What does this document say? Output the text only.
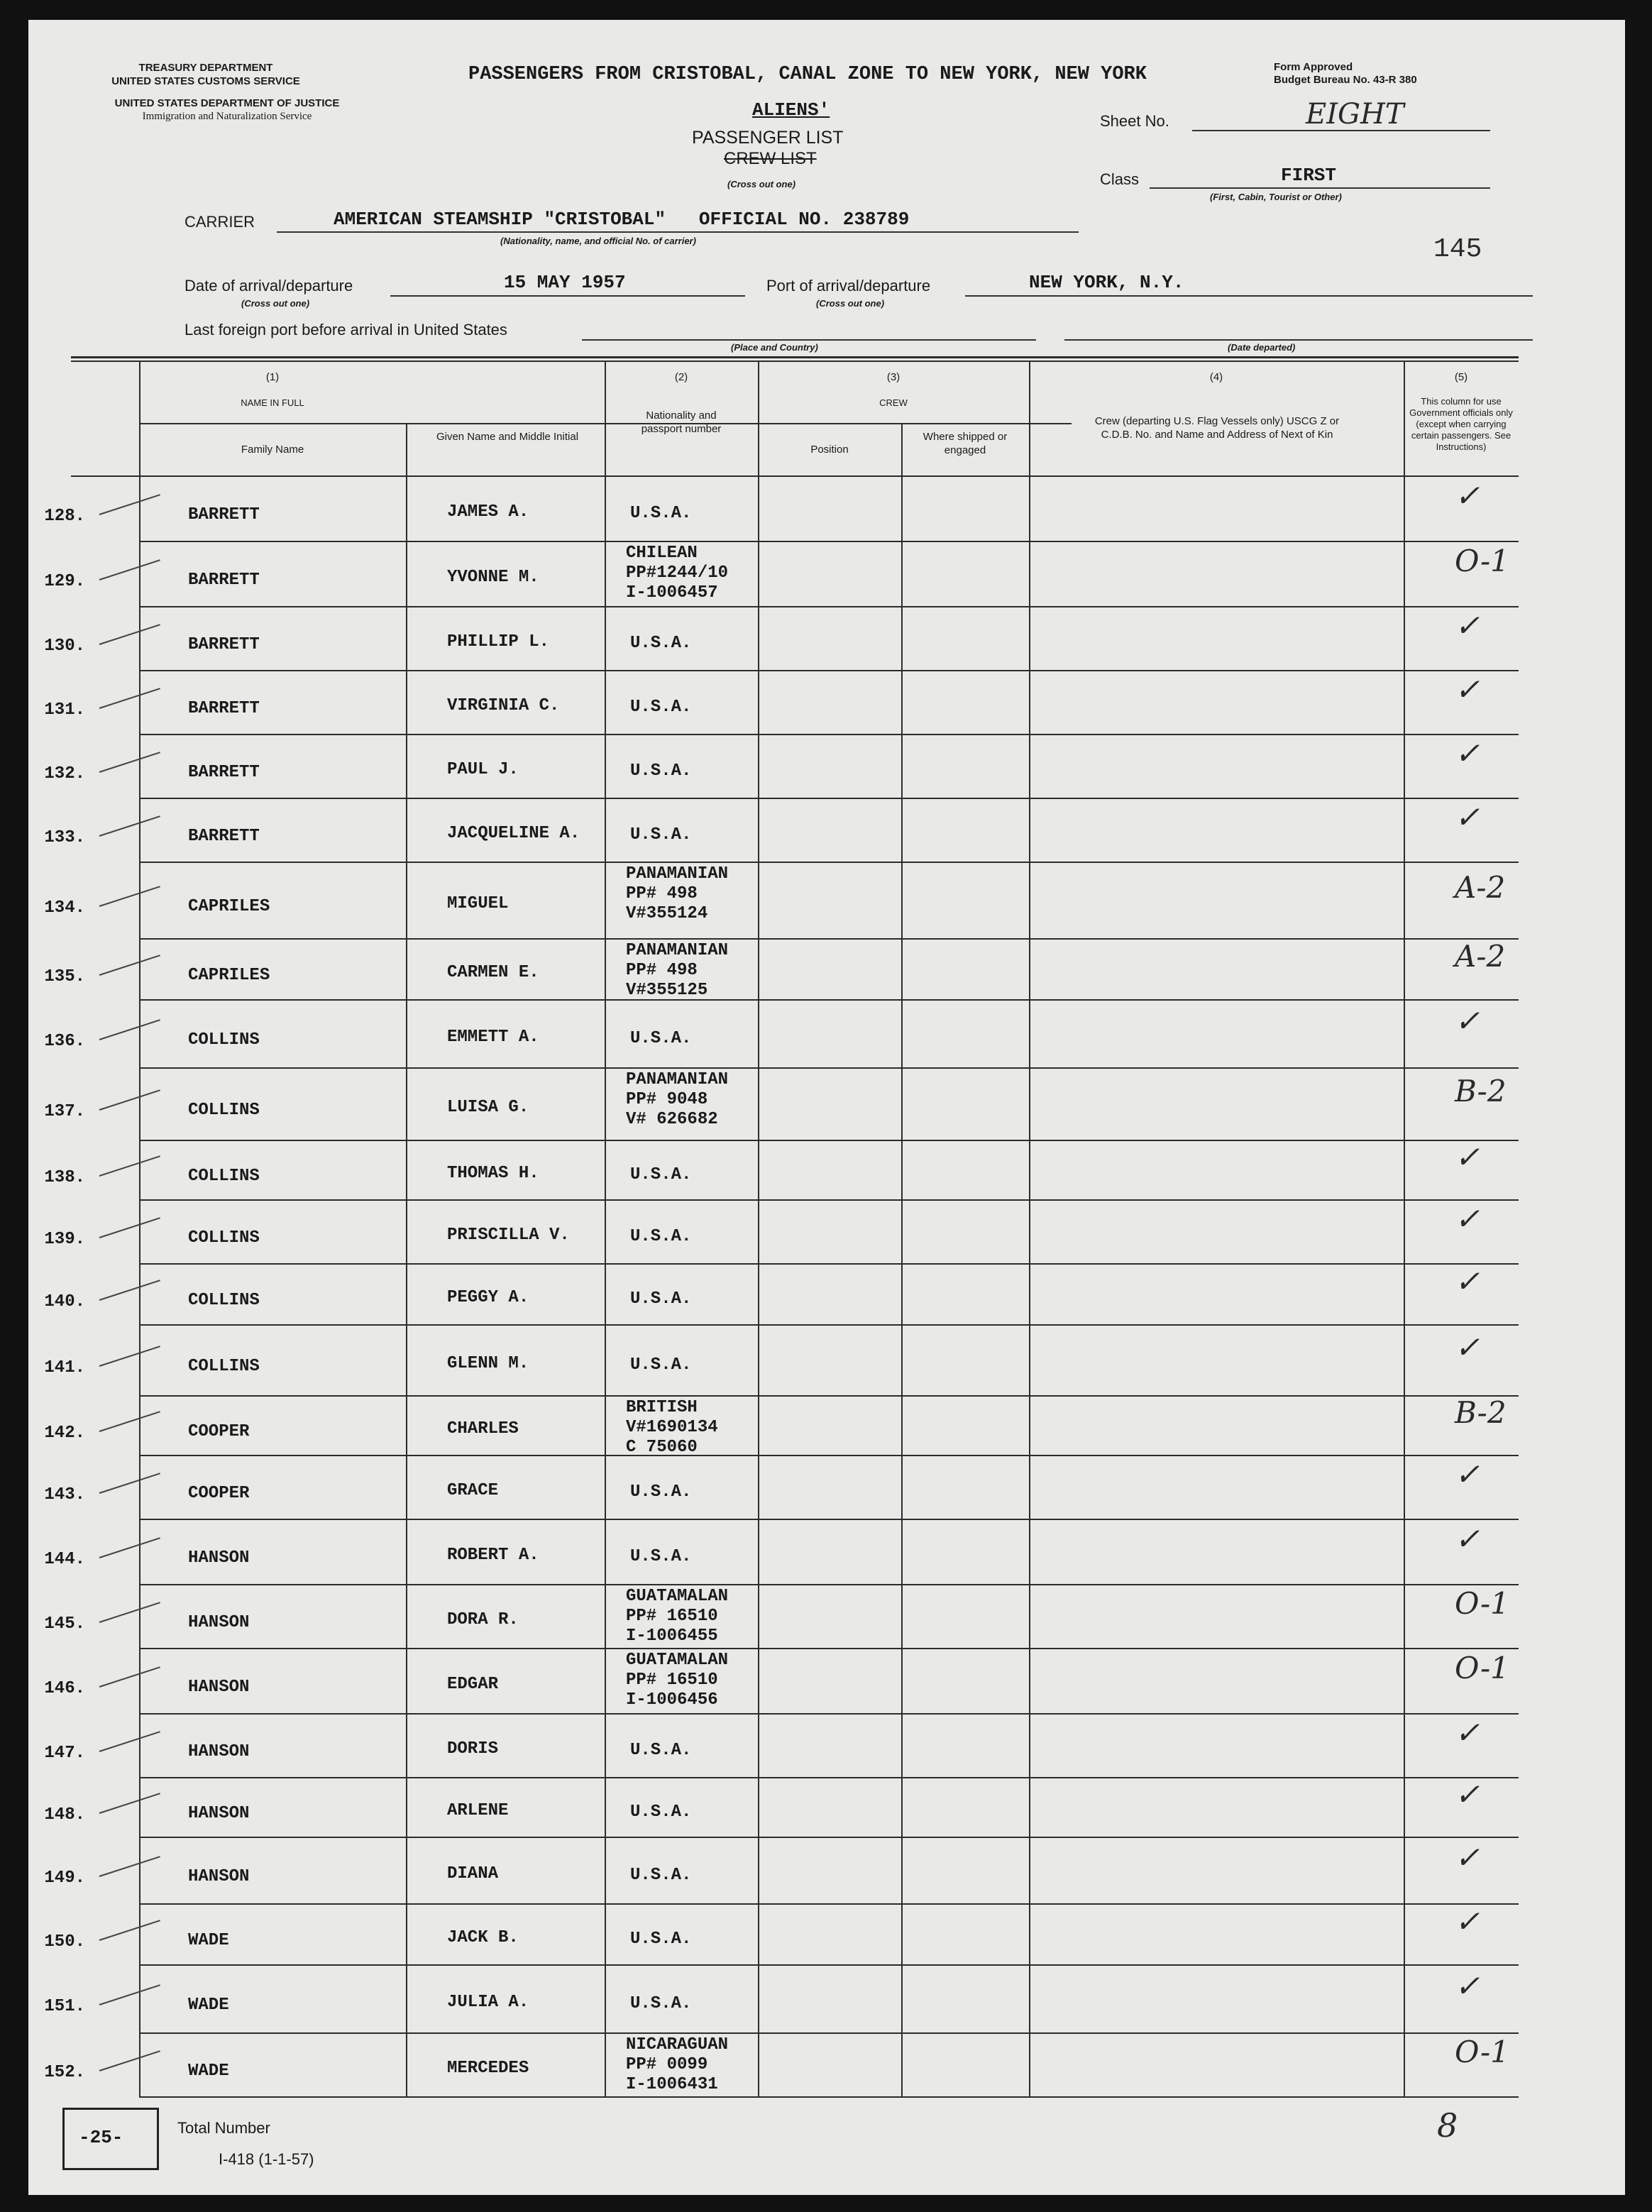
TREASURY DEPARTMENT
UNITED STATES CUSTOMS SERVICE
UNITED STATES DEPARTMENT OF JUSTICE
Immigration and Naturalization Service
PASSENGERS FROM CRISTOBAL, CANAL ZONE TO NEW YORK, NEW YORK
ALIENS'
PASSENGER LIST
CREW LIST
(Cross out one)
Form Approved
Budget Bureau No. 43-R 380
Sheet No.	EIGHT
Class	FIRST
(First, Cabin, Tourist or Other)
CARRIER	AMERICAN STEAMSHIP "CRISTOBAL"   OFFICIAL NO. 238789
(Nationality, name, and official No. of carrier)	145
Date of arrival/departure	15 MAY 1957
(Cross out one)
Port of arrival/departure	NEW YORK, N.Y.
(Cross out one)
Last foreign port before arrival in United States
(Place and Country)	(Date departed)
(1)
NAME IN FULL
Family Name
Given Name and Middle Initial
(2)
Nationality and passport number
(3)
CREW
Position
Where shipped or engaged
(4)
Crew (departing U.S. Flag Vessels only) USCG Z or C.D.B. No. and Name and Address of Next of Kin
(5)
This column for use Government officials only (except when carrying certain passengers. See Instructions)
128.	BARRETT	JAMES A.	U.S.A.
✓
129.	BARRETT	YVONNE M.
CHILEAN
PP#1244/10
I-1006457
O-1
130.	BARRETT	PHILLIP L.	U.S.A.
✓
131.	BARRETT	VIRGINIA C.	U.S.A.
✓
132.	BARRETT	PAUL J.	U.S.A.
✓
133.	BARRETT	JACQUELINE A.	U.S.A.
✓
134.	CAPRILES	MIGUEL
PANAMANIAN
PP# 498
V#355124
A-2
135.	CAPRILES	CARMEN E.
PANAMANIAN
PP# 498
V#355125
A-2
136.	COLLINS	EMMETT A.	U.S.A.
✓
137.	COLLINS	LUISA G.
PANAMANIAN
PP# 9048
V# 626682
B-2
138.	COLLINS	THOMAS H.	U.S.A.
✓
139.	COLLINS	PRISCILLA V.	U.S.A.
✓
140.	COLLINS	PEGGY A.	U.S.A.
✓
141.	COLLINS	GLENN M.	U.S.A.
✓
142.	COOPER	CHARLES
BRITISH
V#1690134
C 75060
B-2
143.	COOPER	GRACE	U.S.A.
✓
144.	HANSON	ROBERT A.	U.S.A.
✓
145.	HANSON	DORA R.
GUATAMALAN
PP# 16510
I-1006455
O-1
146.	HANSON	EDGAR
GUATAMALAN
PP# 16510
I-1006456
O-1
147.	HANSON	DORIS	U.S.A.
✓
148.	HANSON	ARLENE	U.S.A.
✓
149.	HANSON	DIANA	U.S.A.
✓
150.	WADE	JACK B.	U.S.A.
✓
151.	WADE	JULIA A.	U.S.A.
✓
152.	WADE	MERCEDES
NICARAGUAN
PP# 0099
I-1006431
O-1
-25-	Total Number
I-418 (1-1-57)
8
